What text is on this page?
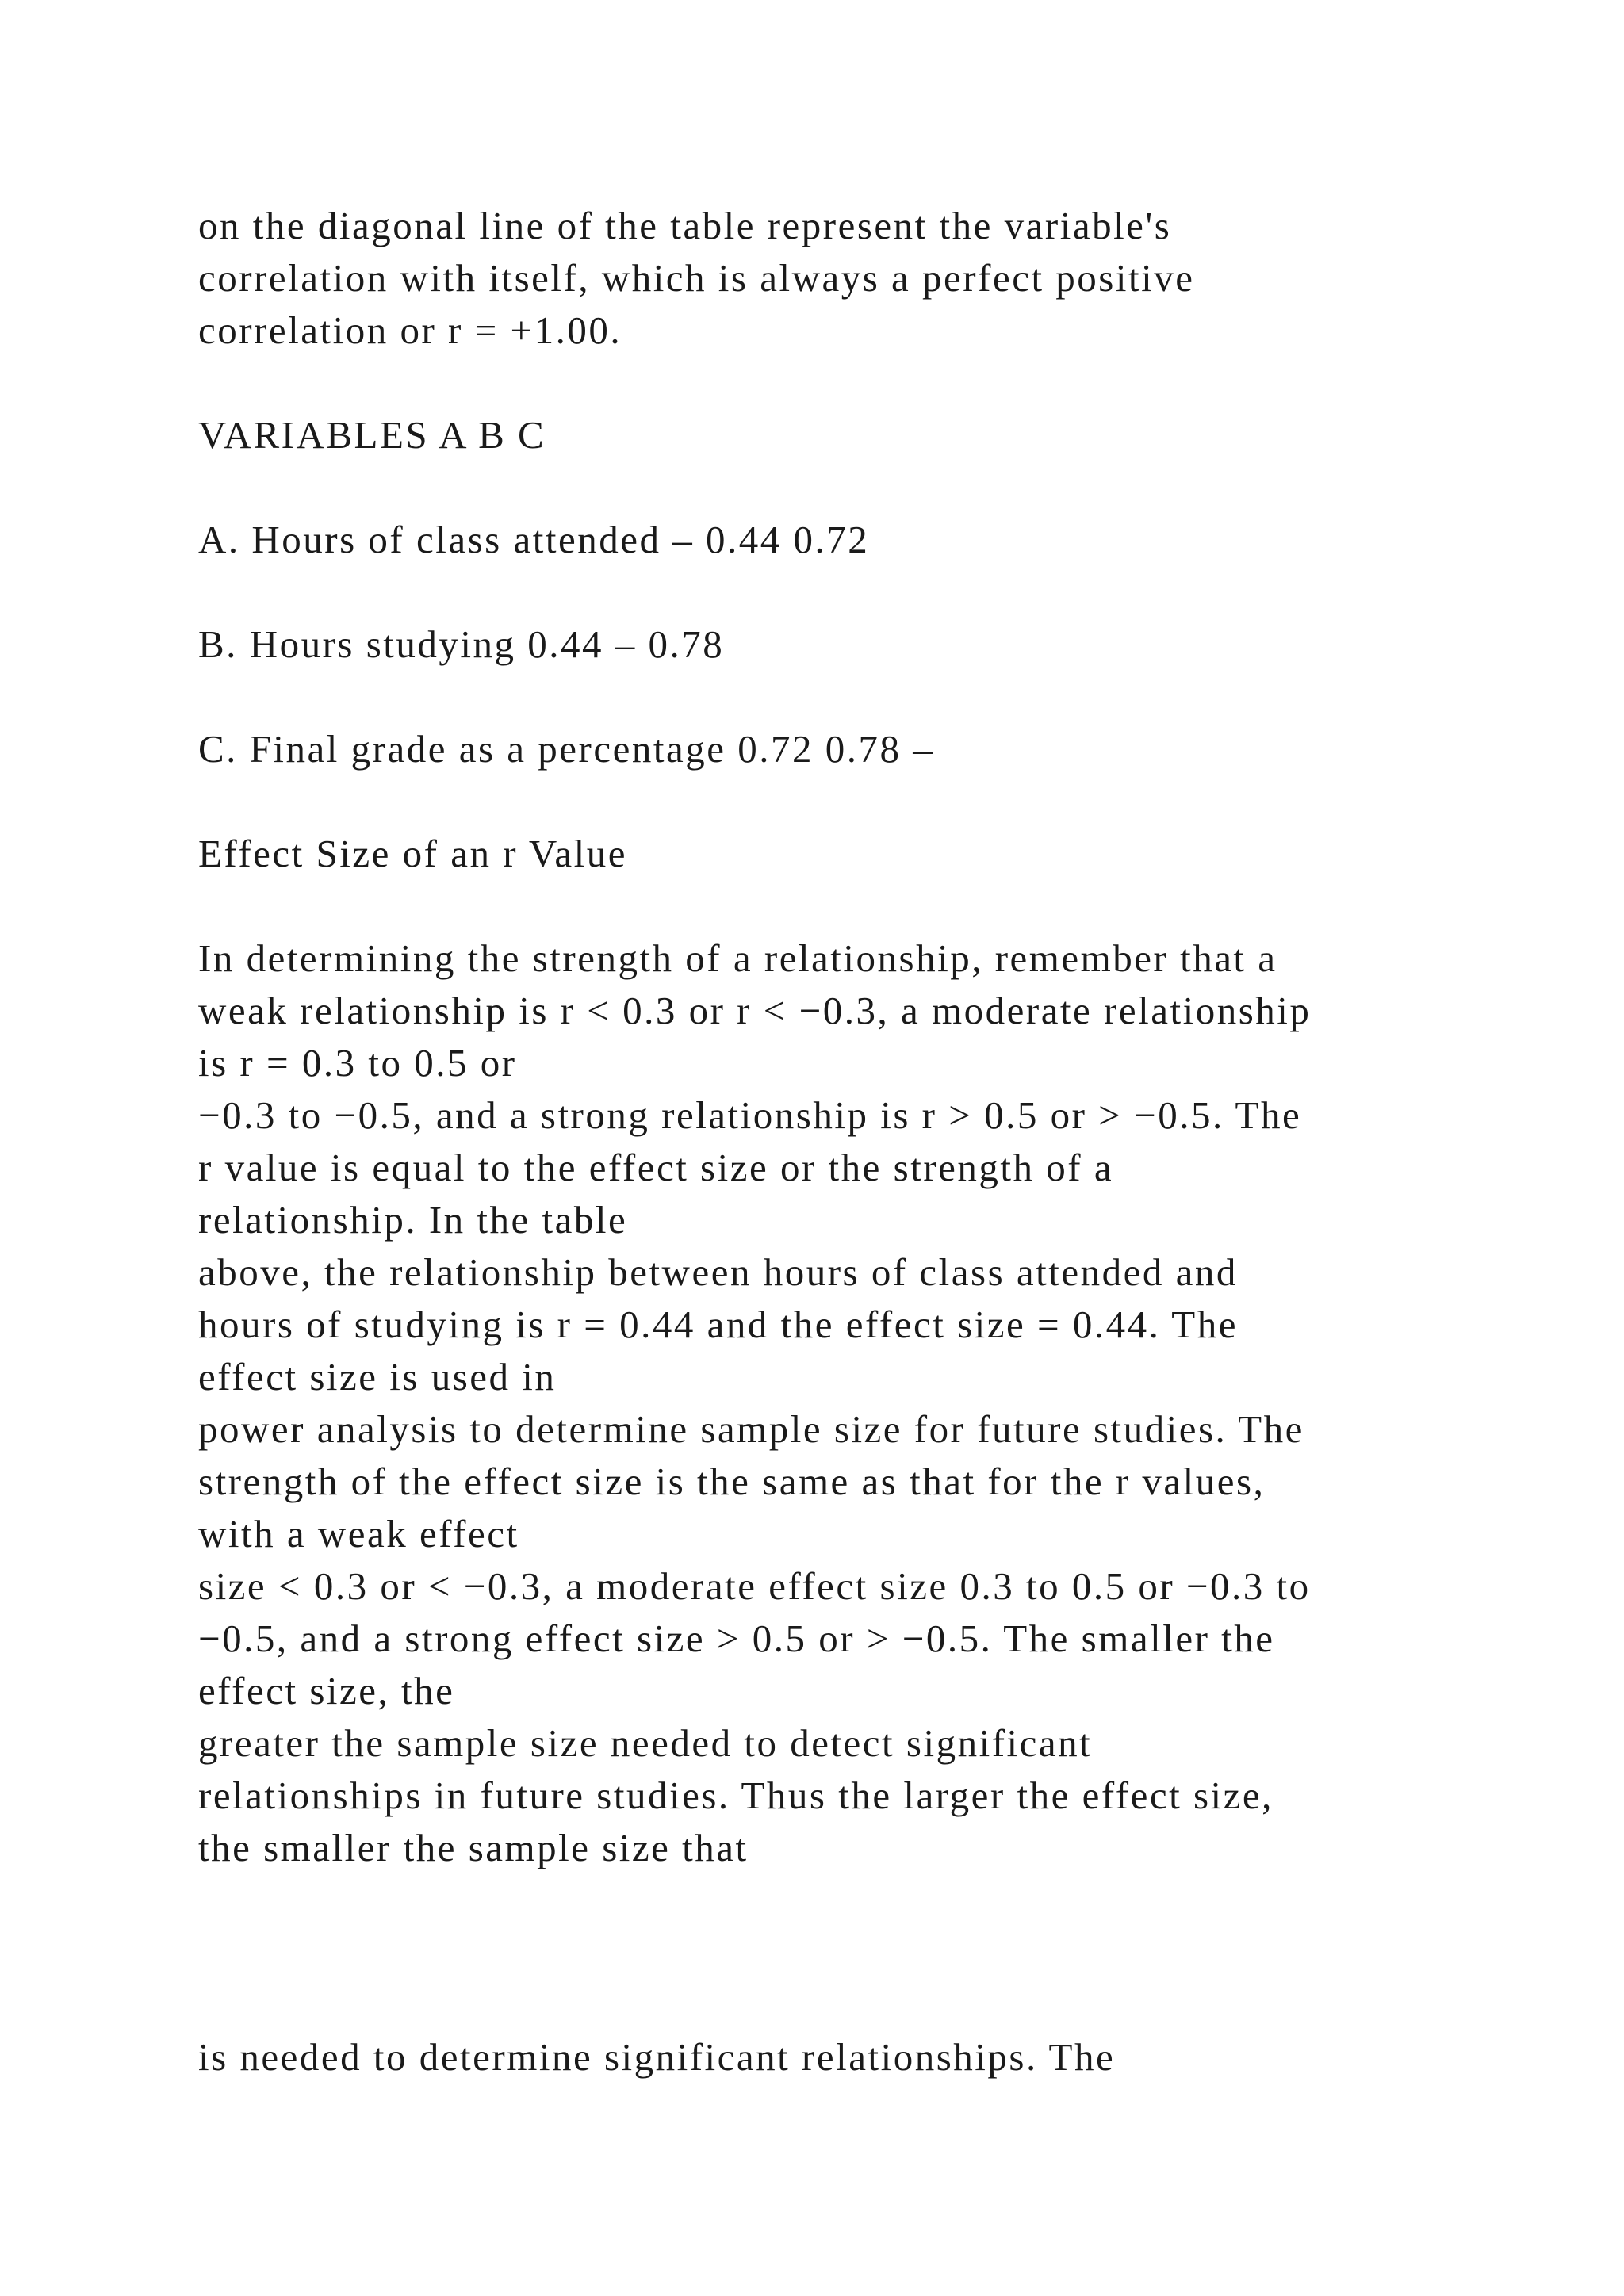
on the diagonal line of the table represent the variable's
correlation with itself, which is always a perfect positive
correlation or r = +1.00.
VARIABLES A B C
A. Hours of class attended – 0.44 0.72
B. Hours studying 0.44 – 0.78
C. Final grade as a percentage 0.72 0.78 –
Effect Size of an r Value
In determining the strength of a relationship, remember that a
weak relationship is r < 0.3 or r < −0.3, a moderate relationship
is r = 0.3 to 0.5 or
−0.3 to −0.5, and a strong relationship is r > 0.5 or > −0.5. The
r value is equal to the effect size or the strength of a
relationship. In the table
above, the relationship between hours of class attended and
hours of studying is r = 0.44 and the effect size = 0.44. The
effect size is used in
power analysis to determine sample size for future studies. The
strength of the effect size is the same as that for the r values,
with a weak effect
size < 0.3 or < −0.3, a moderate effect size 0.3 to 0.5 or −0.3 to
−0.5, and a strong effect size > 0.5 or > −0.5. The smaller the
effect size, the
greater the sample size needed to detect significant
relationships in future studies. Thus the larger the effect size,
the smaller the sample size that
is needed to determine significant relationships. The
